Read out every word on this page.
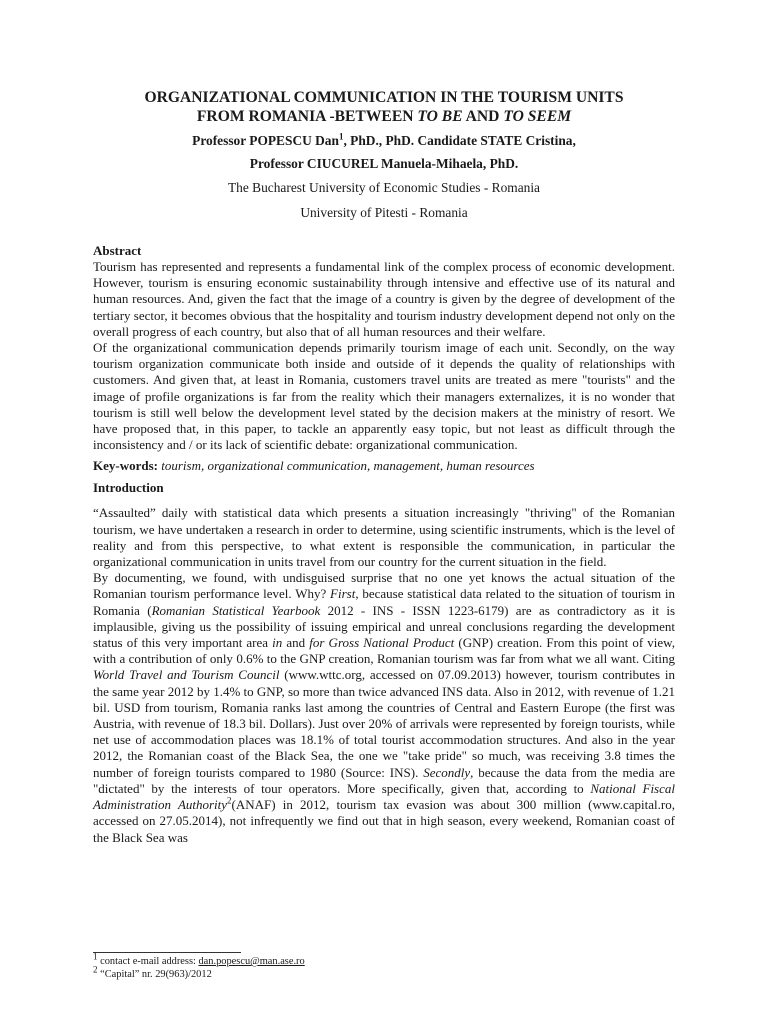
ORGANIZATIONAL COMMUNICATION IN THE TOURISM UNITS
FROM ROMANIA -BETWEEN TO BE AND TO SEEM

Professor POPESCU Dan$^1$, PhD., PhD. Candidate STATE Cristina,

Professor CIUCUREL Manuela-Mihaela, PhD.

The Bucharest University of Economic Studies - Romania

University of Pitesti - Romania

Abstract

Tourism has represented and represents a fundamental link of the complex process of economic development. However, tourism is ensuring economic sustainability through intensive and effective use of its natural and human resources. And, given the fact that the image of a country is given by the degree of development of the tertiary sector, it becomes obvious that the hospitality and tourism industry development depend not only on the overall progress of each country, but also that of all human resources and their welfare.

Of the organizational communication depends primarily tourism image of each unit. Secondly, on the way tourism organization communicate both inside and outside of it depends the quality of relationships with customers. And given that, at least in Romania, customers travel units are treated as mere "tourists" and the image of profile organizations is far from the reality which their managers externalizes, it is no wonder that tourism is still well below the development level stated by the decision makers at the ministry of resort. We have proposed that, in this paper, to tackle an apparently easy topic, but not least as difficult through the inconsistency and / or its lack of scientific debate: organizational communication.

Key-words: tourism, organizational communication, management, human resources

Introduction

“Assaulted” daily with statistical data which presents a situation increasingly "thriving" of the Romanian tourism, we have undertaken a research in order to determine, using scientific instruments, which is the level of reality and from this perspective, to what extent is responsible the communication, in particular the organizational communication in units travel from our country for the current situation in the field.

By documenting, we found, with undisguised surprise that no one yet knows the actual situation of the Romanian tourism performance level. Why? First, because statistical data related to the situation of tourism in Romania (Romanian Statistical Yearbook 2012 - INS - ISSN 1223-6179) are as contradictory as it is implausible, giving us the possibility of issuing empirical and unreal conclusions regarding the development status of this very important area in and for Gross National Product (GNP) creation. From this point of view, with a contribution of only 0.6% to the GNP creation, Romanian tourism was far from what we all want. Citing World Travel and Tourism Council (www.wttc.org, accessed on 07.09.2013) however, tourism contributes in the same year 2012 by 1.4% to GNP, so more than twice advanced INS data. Also in 2012, with revenue of 1.21 bil. USD from tourism, Romania ranks last among the countries of Central and Eastern Europe (the first was Austria, with revenue of 18.3 bil. Dollars). Just over 20% of arrivals were represented by foreign tourists, while net use of accommodation places was 18.1% of total tourist accommodation structures. And also in the year 2012, the Romanian coast of the Black Sea, the one we "take pride" so much, was receiving 3.8 times the number of foreign tourists compared to 1980 (Source: INS). Secondly, because the data from the media are "dictated" by the interests of tour operators. More specifically, given that, according to National Fiscal Administration Authority$^2$(ANAF) in 2012, tourism tax evasion was about 300 million (www.capital.ro, accessed on 27.05.2014), not infrequently we find out that in high season, every weekend, Romanian coast of the Black Sea was

$^1$ contact e-mail address: dan.popescu@man.ase.ro

$^2$ “Capital” nr. 29(963)/2012
